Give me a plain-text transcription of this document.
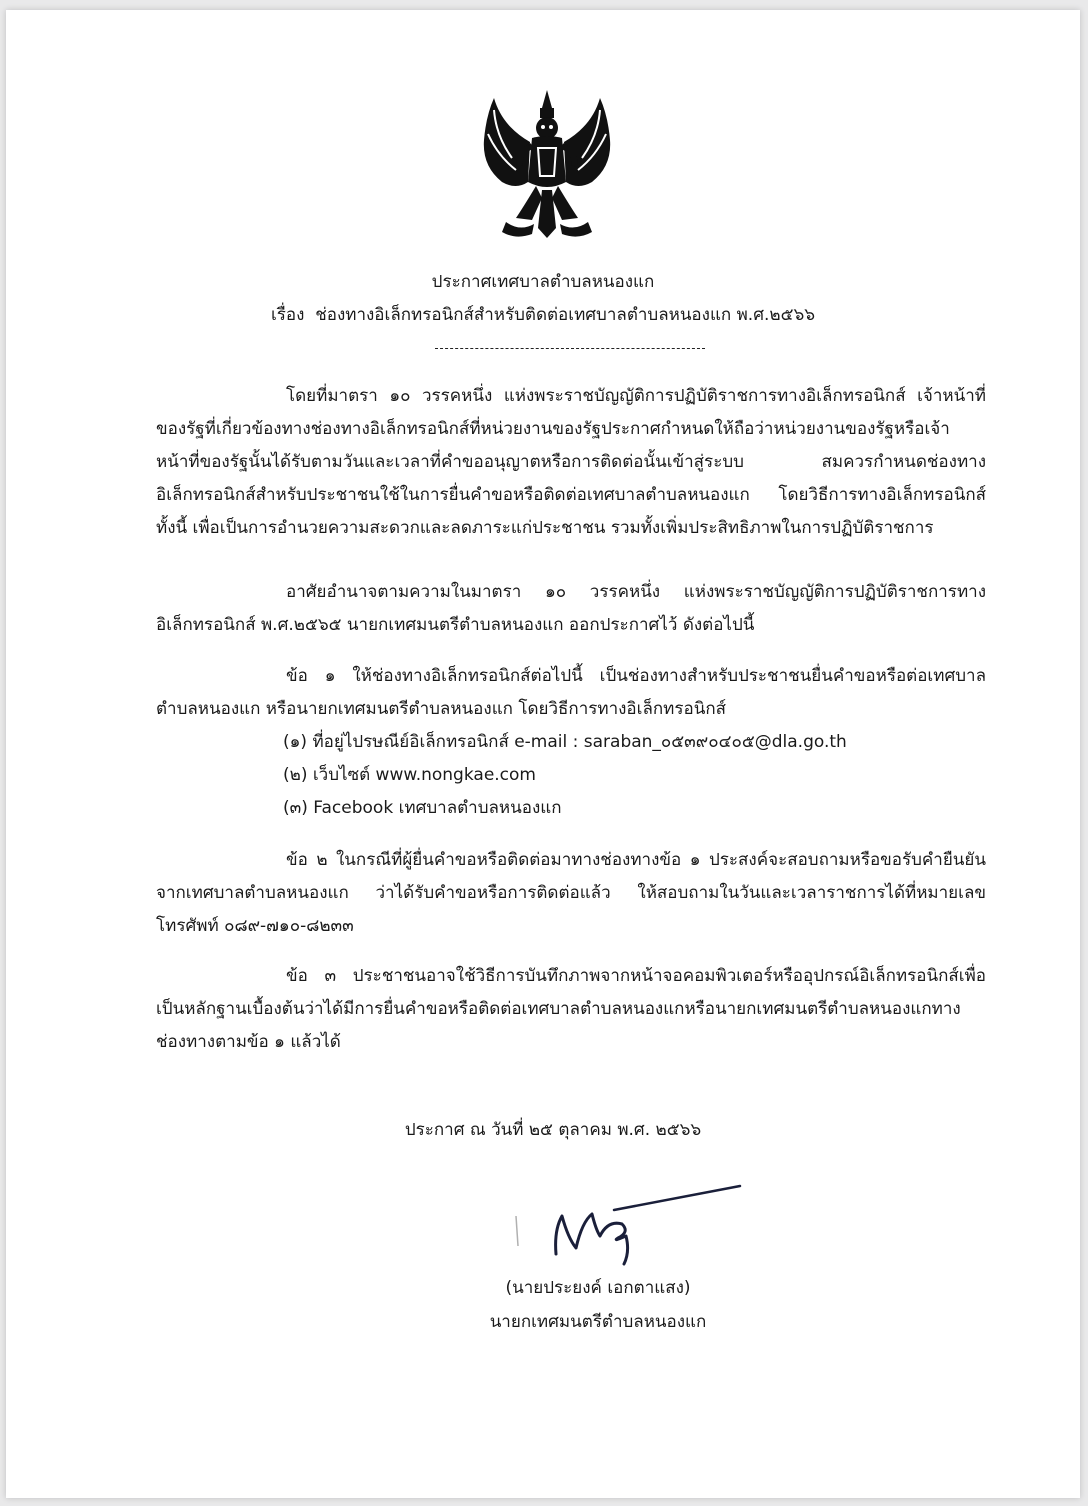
ประกาศเทศบาลตำบลหนองแก
เรื่อง ช่องทางอิเล็กทรอนิกส์สำหรับติดต่อเทศบาลตำบลหนองแก พ.ศ.๒๕๖๖

โดยที่มาตรา ๑๐ วรรคหนึ่ง แห่งพระราชบัญญัติการปฏิบัติราชการทางอิเล็กทรอนิกส์ เจ้าหน้าที่ของรัฐที่เกี่ยวข้องทางช่องทางอิเล็กทรอนิกส์ที่หน่วยงานของรัฐประกาศกำหนดให้ถือว่าหน่วยงานของรัฐหรือเจ้าหน้าที่ของรัฐนั้นได้รับตามวันและเวลาที่คำขออนุญาตหรือการติดต่อนั้นเข้าสู่ระบบ สมควรกำหนดช่องทางอิเล็กทรอนิกส์สำหรับประชาชนใช้ในการยื่นคำขอหรือติดต่อเทศบาลตำบลหนองแก โดยวิธีการทางอิเล็กทรอนิกส์ ทั้งนี้ เพื่อเป็นการอำนวยความสะดวกและลดภาระแก่ประชาชน รวมทั้งเพิ่มประสิทธิภาพในการปฏิบัติราชการ

อาศัยอำนาจตามความในมาตรา ๑๐ วรรคหนึ่ง แห่งพระราชบัญญัติการปฏิบัติราชการทางอิเล็กทรอนิกส์ พ.ศ.๒๕๖๕ นายกเทศมนตรีตำบลหนองแก ออกประกาศไว้ ดังต่อไปนี้

ข้อ ๑ ให้ช่องทางอิเล็กทรอนิกส์ต่อไปนี้ เป็นช่องทางสำหรับประชาชนยื่นคำขอหรือต่อเทศบาลตำบลหนองแก หรือนายกเทศมนตรีตำบลหนองแก โดยวิธีการทางอิเล็กทรอนิกส์

(๑) ที่อยู่ไปรษณีย์อิเล็กทรอนิกส์ e-mail : saraban_๐๕๓๙๐๔๐๕@dla.go.th

(๒) เว็บไซต์ www.nongkae.com

(๓) Facebook เทศบาลตำบลหนองแก

ข้อ ๒ ในกรณีที่ผู้ยื่นคำขอหรือติดต่อมาทางช่องทางข้อ ๑ ประสงค์จะสอบถามหรือขอรับคำยืนยันจากเทศบาลตำบลหนองแก ว่าได้รับคำขอหรือการติดต่อแล้ว ให้สอบถามในวันและเวลาราชการได้ที่หมายเลขโทรศัพท์ ๐๘๙-๗๑๐-๘๒๓๓

ข้อ ๓ ประชาชนอาจใช้วิธีการบันทึกภาพจากหน้าจอคอมพิวเตอร์หรืออุปกรณ์อิเล็กทรอนิกส์เพื่อเป็นหลักฐานเบื้องต้นว่าได้มีการยื่นคำขอหรือติดต่อเทศบาลตำบลหนองแกหรือนายกเทศมนตรีตำบลหนองแกทางช่องทางตามข้อ ๑ แล้วได้

ประกาศ ณ วันที่ ๒๕ ตุลาคม พ.ศ. ๒๕๖๖
(นายประยงค์ เอกตาแสง)
นายกเทศมนตรีตำบลหนองแก
